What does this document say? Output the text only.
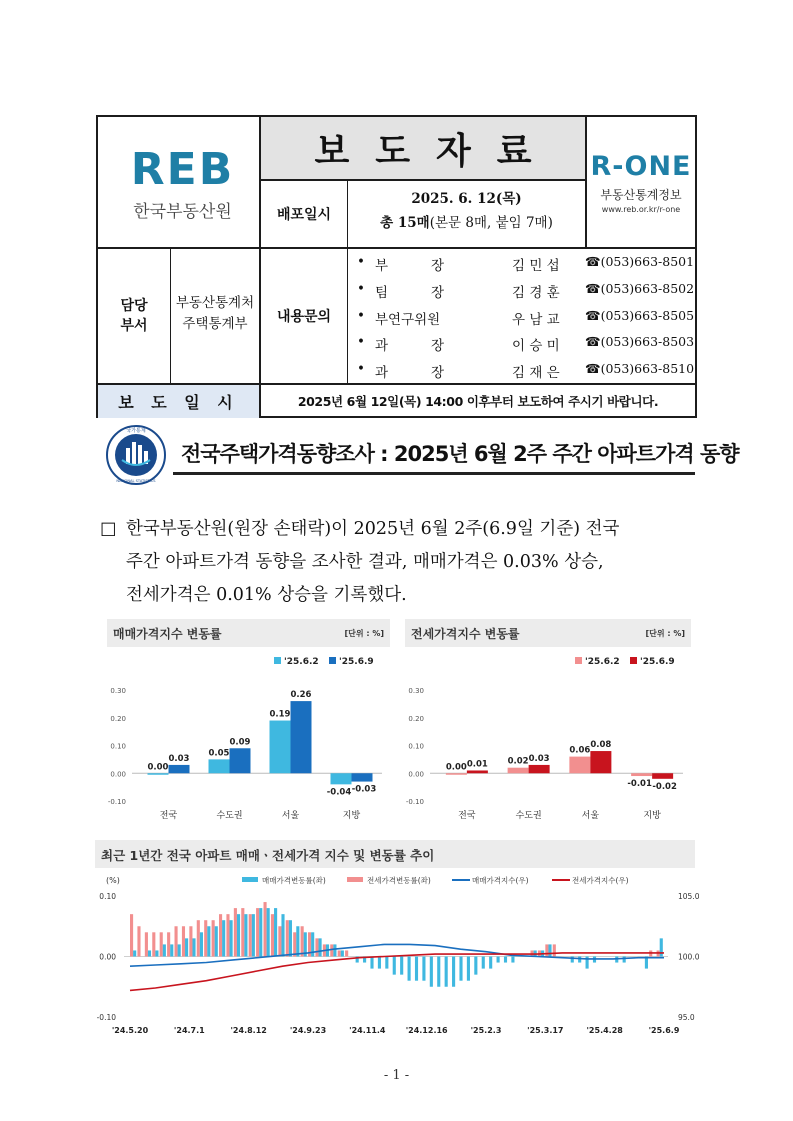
REB
한국부동산원
보도자료 R-ONE
부동산통계정보
www.reb.or.kr/r-one
배포일시
2025. 6. 12(목)
총 15매(본문 8매, 붙임 7매)
담당
부서
부동산통계처
주택통계부	내용문의
• 부          장	김 민 섭 ☎(053)663-8501
• 팀          장	김 경 훈 ☎(053)663-8502
• 부연구위원	우 남 교 ☎(053)663-8505
• 과          장	이 승 미 ☎(053)663-8503
• 과          장	김 재 은 ☎(053)663-8510
보 도 일 시	2025년 6월 12일(목) 14:00 이후부터 보도하여 주시기 바랍니다.
국가통계
NATIONAL STATISTICS
전국주택가격동향조사 : 2025년 6월 2주 주간 아파트가격 동향
□ 한국부동산원(원장 손태락)이 2025년 6월 2주(6.9일 기준) 전국
주간 아파트가격 동향을 조사한 결과, 매매가격은 0.03% 상승,
전세가격은 0.01% 상승을 기록했다.
매매가격지수 변동률	[단위 : %]
'25.6.2 '25.6.9
0.30
0.20
0.10
0.00
-0.10
0.00
0.03
전국
0.05
0.09
수도권
0.19
0.26
서울
-0.04 -0.03
지방
전세가격지수 변동률	[단위 : %]
'25.6.2 '25.6.9
0.30
0.20
0.10
0.00
-0.10
0.00 0.01
전국
0.02 0.03
수도권
0.06
0.08
서울
-0.01 -0.02
지방
최근 1년간 전국 아파트 매매ㆍ전세가격 지수 및 변동률 추이
매매가격변동률(좌)	전세가격변동률(좌)	매매가격지수(우)	전세가격지수(우)
(%)
0.10
0.00
-0.10
105.0
100.0
95.0
'24.5.20	'24.7.1	'24.8.12	'24.9.23	'24.11.4	'24.12.16	'25.2.3	'25.3.17	'25.4.28	'25.6.9
- 1 -
